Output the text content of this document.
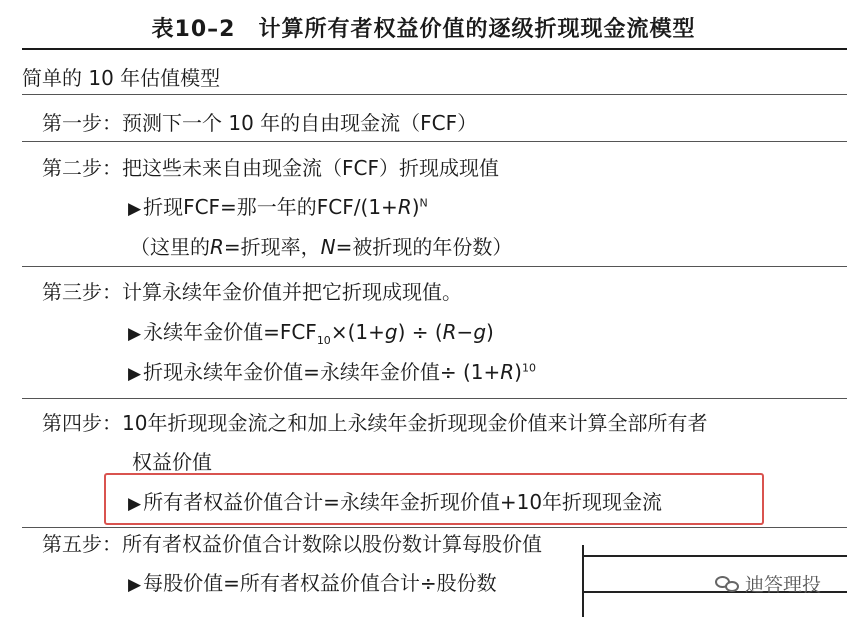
表10–2　计算所有者权益价值的逐级折现现金流模型
简单的 10 年估值模型
第一步：预测下一个 10 年的自由现金流（FCF）
第二步：把这些未来自由现金流（FCF）折现成现值
▶ 折现FCF=那一年的FCF/$(1+R)^N$
（这里的R=折现率，N=被折现的年份数）
第三步：计算永续年金价值并把它折现成现值。
▶ 永续年金价值$=FCF_{10}\times(1+g) \div (R-g)$
▶ 折现永续年金价值=永续年金价值÷ $(1+R)^{10}$
第四步：10年折现现金流之和加上永续年金折现现金价值来计算全部所有者
权益价值
▶ 所有者权益价值合计=永续年金折现价值+10年折现现金流
第五步：所有者权益价值合计数除以股份数计算每股价值
▶ 每股价值=所有者权益价值合计÷股份数	迪答理投
